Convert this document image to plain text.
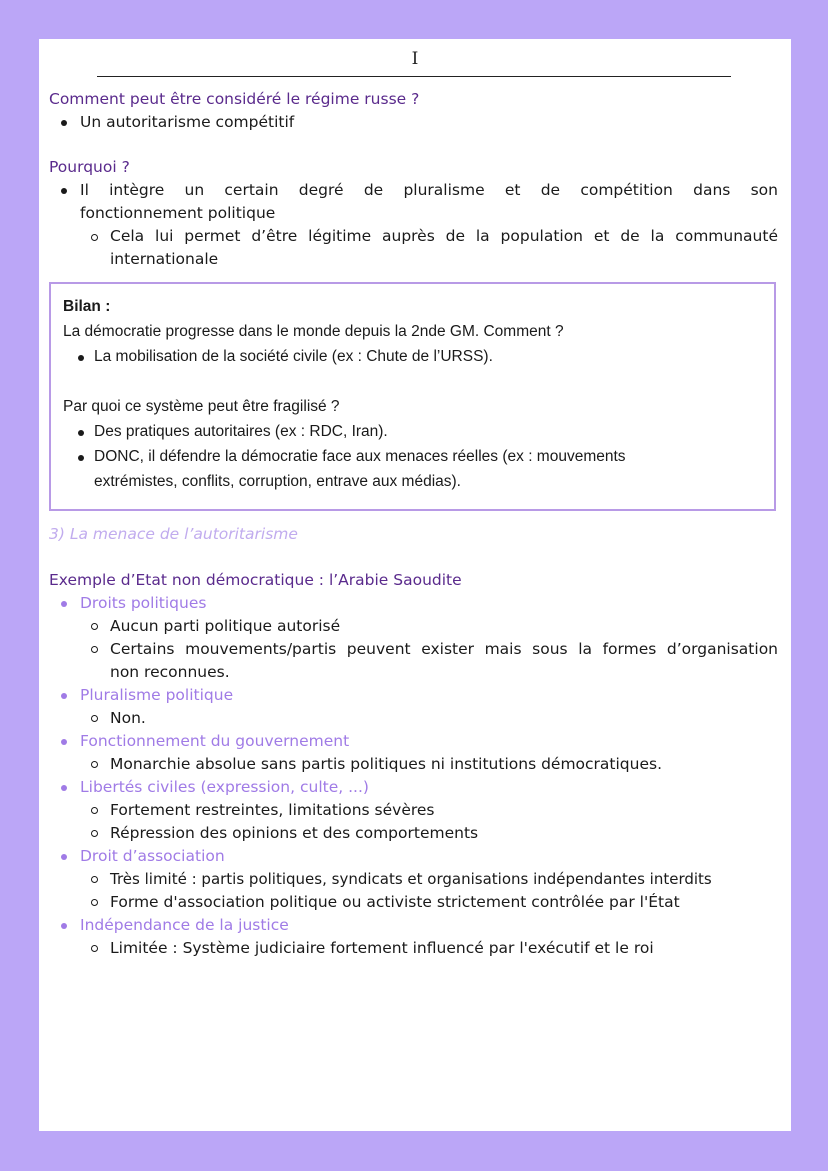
I
Comment peut être considéré le régime russe ?
Un autoritarisme compétitif
Pourquoi ?
Il intègre un certain degré de pluralisme et de compétition dans son
fonctionnement politique
Cela lui permet d’être légitime auprès de la population et de la communauté
internationale
Bilan :
La démocratie progresse dans le monde depuis la 2nde GM. Comment ?
La mobilisation de la société civile (ex : Chute de l’URSS).
Par quoi ce système peut être fragilisé ?
Des pratiques autoritaires (ex : RDC, Iran).
DONC, il défendre la démocratie face aux menaces réelles (ex : mouvements
extrémistes, conflits, corruption, entrave aux médias).
3) La menace de l’autoritarisme
Exemple d’Etat non démocratique : l’Arabie Saoudite
Droits politiques
Aucun parti politique autorisé
Certains mouvements/partis peuvent exister mais sous la formes d’organisation
non reconnues.
Pluralisme politique
Non.
Fonctionnement du gouvernement
Monarchie absolue sans partis politiques ni institutions démocratiques.
Libertés civiles (expression, culte, ...)
Fortement restreintes, limitations sévères
Répression des opinions et des comportements
Droit d’association
Très limité : partis politiques, syndicats et organisations indépendantes interdits
Forme d'association politique ou activiste strictement contrôlée par l'État
Indépendance de la justice
Limitée : Système judiciaire fortement influencé par l'exécutif et le roi
